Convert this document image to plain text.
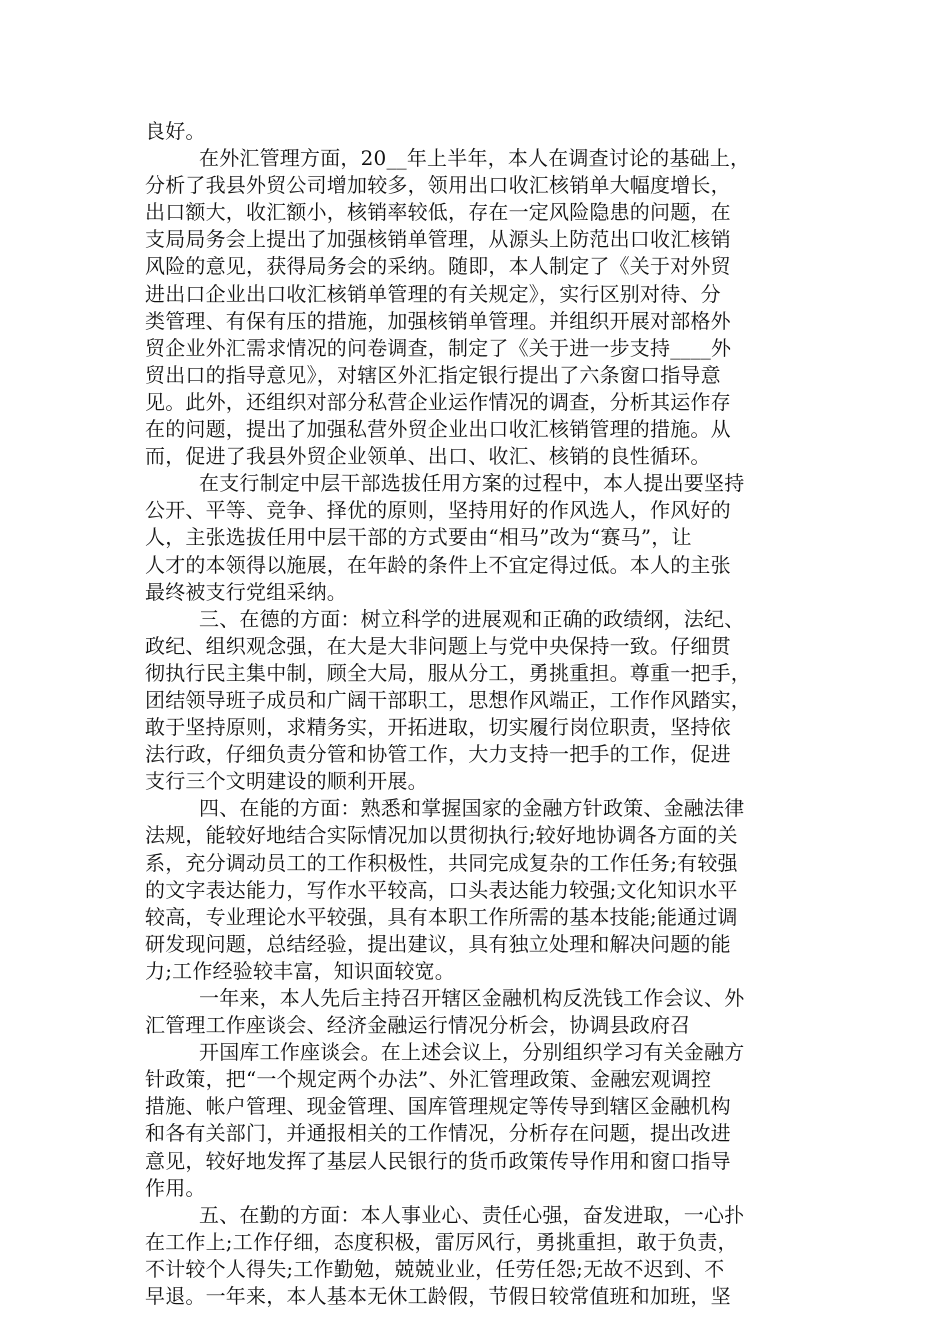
良好。
在外汇管理方面，20__年上半年，本人在调查讨论的基础上，
分析了我县外贸公司增加较多，领用出口收汇核销单大幅度增长，
出口额大，收汇额小，核销率较低，存在一定风险隐患的问题，在
支局局务会上提出了加强核销单管理，从源头上防范出口收汇核销
风险的意见，获得局务会的采纳。随即，本人制定了《关于对外贸
进出口企业出口收汇核销单管理的有关规定》，实行区别对待、分
类管理、有保有压的措施，加强核销单管理。并组织开展对部格外
贸企业外汇需求情况的问卷调查，制定了《关于进一步支持____外
贸出口的指导意见》，对辖区外汇指定银行提出了六条窗口指导意
见。此外，还组织对部分私营企业运作情况的调查，分析其运作存
在的问题，提出了加强私营外贸企业出口收汇核销管理的措施。从
而，促进了我县外贸企业领单、出口、收汇、核销的良性循环。
在支行制定中层干部选拔任用方案的过程中，本人提出要坚持
公开、平等、竞争、择优的原则，坚持用好的作风选人，作风好的
人，主张选拔任用中层干部的方式要由“相马”改为“赛马”，让
人才的本领得以施展，在年龄的条件上不宜定得过低。本人的主张
最终被支行党组采纳。
三、在德的方面：树立科学的进展观和正确的政绩纲，法纪、
政纪、组织观念强，在大是大非问题上与党中央保持一致。仔细贯
彻执行民主集中制，顾全大局，服从分工，勇挑重担。尊重一把手，
团结领导班子成员和广阔干部职工，思想作风端正，工作作风踏实，
敢于坚持原则，求精务实，开拓进取，切实履行岗位职责，坚持依
法行政，仔细负责分管和协管工作，大力支持一把手的工作，促进
支行三个文明建设的顺利开展。
四、在能的方面：熟悉和掌握国家的金融方针政策、金融法律
法规，能较好地结合实际情况加以贯彻执行;较好地协调各方面的关
系，充分调动员工的工作积极性，共同完成复杂的工作任务;有较强
的文字表达能力，写作水平较高，口头表达能力较强;文化知识水平
较高，专业理论水平较强，具有本职工作所需的基本技能;能通过调
研发现问题，总结经验，提出建议，具有独立处理和解决问题的能
力;工作经验较丰富，知识面较宽。
一年来，本人先后主持召开辖区金融机构反洗钱工作会议、外
汇管理工作座谈会、经济金融运行情况分析会，协调县政府召
开国库工作座谈会。在上述会议上，分别组织学习有关金融方
针政策，把“一个规定两个办法”、外汇管理政策、金融宏观调控
措施、帐户管理、现金管理、国库管理规定等传导到辖区金融机构
和各有关部门，并通报相关的工作情况，分析存在问题，提出改进
意见，较好地发挥了基层人民银行的货币政策传导作用和窗口指导
作用。
五、在勤的方面：本人事业心、责任心强，奋发进取，一心扑
在工作上;工作仔细，态度积极，雷厉风行，勇挑重担，敢于负责，
不计较个人得失;工作勤勉，兢兢业业，任劳任怨;无故不迟到、不
早退。一年来，本人基本无休工龄假，节假日较常值班和加班，坚
